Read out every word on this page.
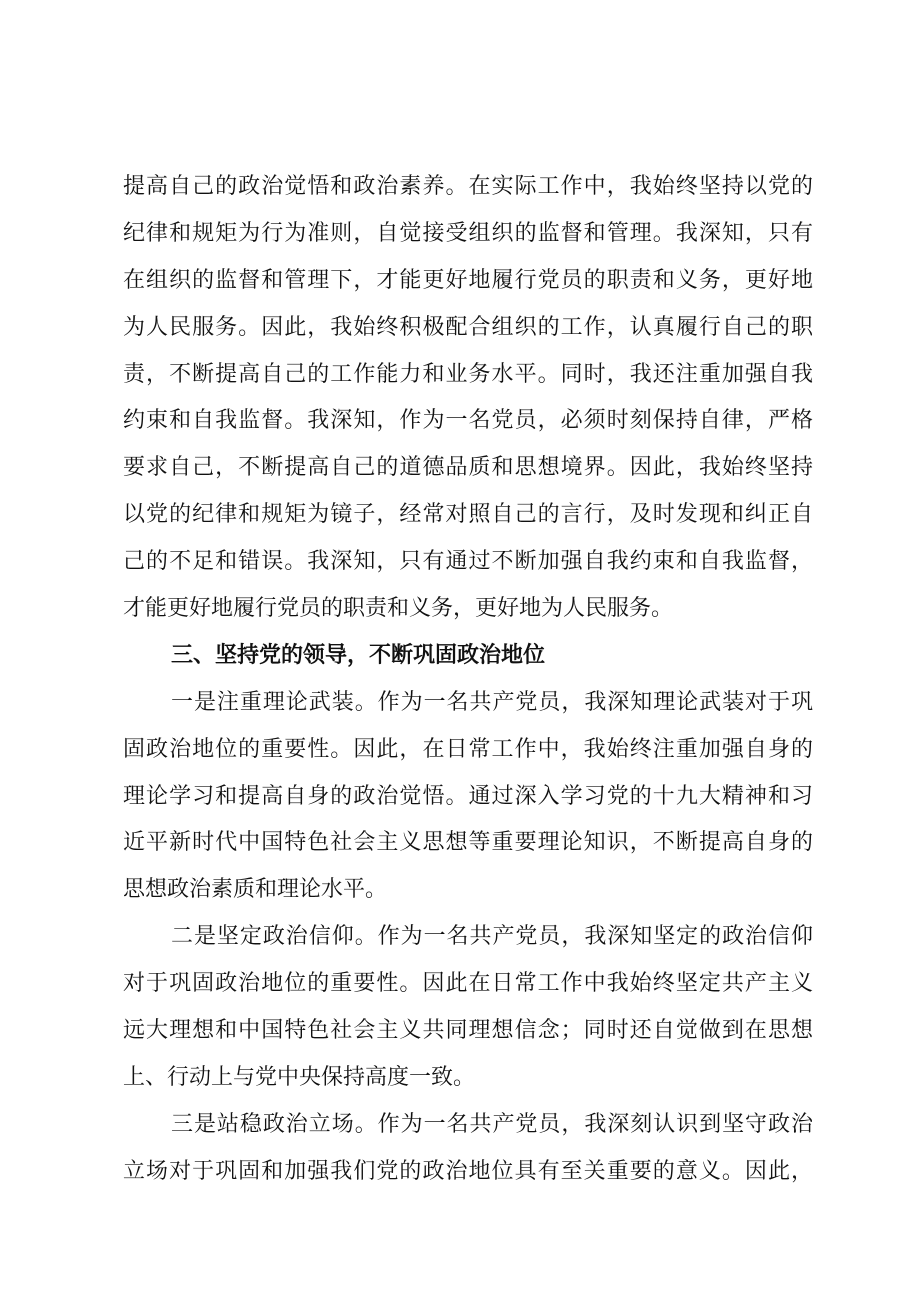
提高自己的政治觉悟和政治素养。在实际工作中，我始终坚持以党的
纪律和规矩为行为准则，自觉接受组织的监督和管理。我深知，只有
在组织的监督和管理下，才能更好地履行党员的职责和义务，更好地
为人民服务。因此，我始终积极配合组织的工作，认真履行自己的职
责，不断提高自己的工作能力和业务水平。同时，我还注重加强自我
约束和自我监督。我深知，作为一名党员，必须时刻保持自律，严格
要求自己，不断提高自己的道德品质和思想境界。因此，我始终坚持
以党的纪律和规矩为镜子，经常对照自己的言行，及时发现和纠正自
己的不足和错误。我深知，只有通过不断加强自我约束和自我监督，
才能更好地履行党员的职责和义务，更好地为人民服务。
三、坚持党的领导，不断巩固政治地位
一是注重理论武装。作为一名共产党员，我深知理论武装对于巩
固政治地位的重要性。因此，在日常工作中，我始终注重加强自身的
理论学习和提高自身的政治觉悟。通过深入学习党的十九大精神和习
近平新时代中国特色社会主义思想等重要理论知识，不断提高自身的
思想政治素质和理论水平。
二是坚定政治信仰。作为一名共产党员，我深知坚定的政治信仰
对于巩固政治地位的重要性。因此在日常工作中我始终坚定共产主义
远大理想和中国特色社会主义共同理想信念；同时还自觉做到在思想
上、行动上与党中央保持高度一致。
三是站稳政治立场。作为一名共产党员，我深刻认识到坚守政治
立场对于巩固和加强我们党的政治地位具有至关重要的意义。因此，
